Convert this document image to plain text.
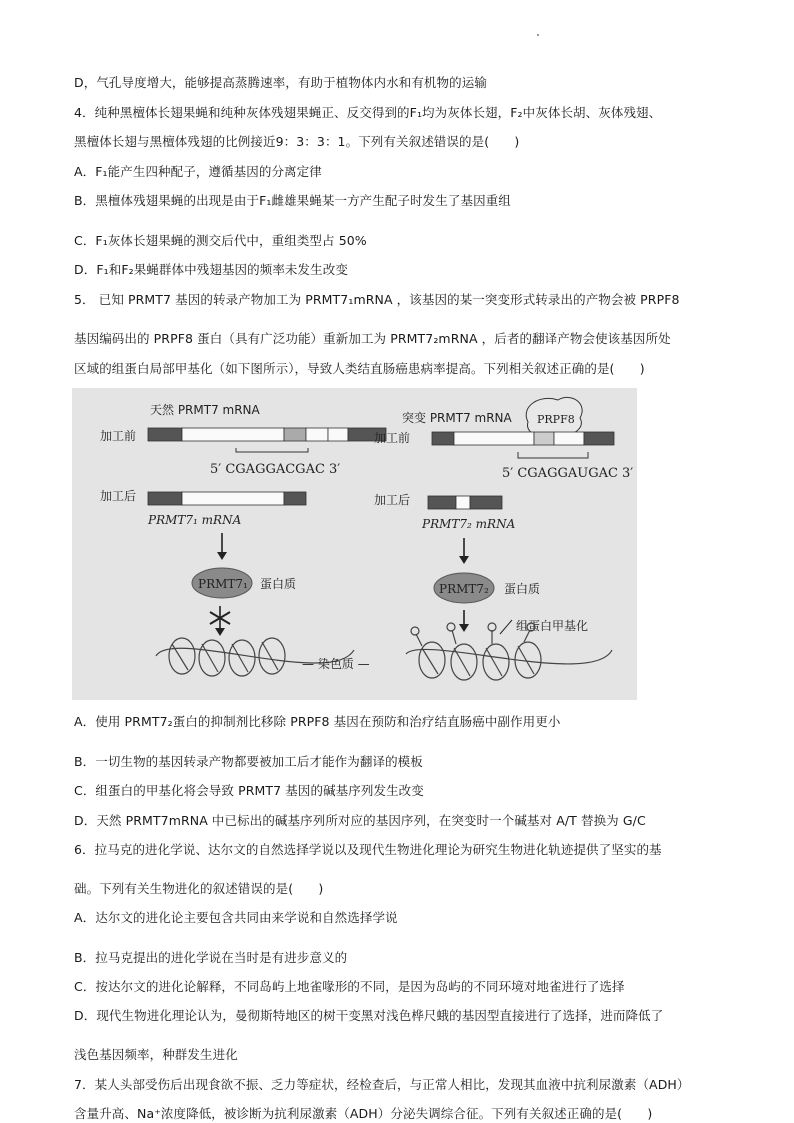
D，气孔导度增大，能够提高蒸腾速率，有助于植物体内水和有机物的运输
4．纯种黑檀体长翅果蝇和纯种灰体残翅果蝇正、反交得到的F₁均为灰体长翅，F₂中灰体长胡、灰体残翅、
黑檀体长翅与黑檀体残翅的比例接近9：3：3：1。下列有关叙述错误的是(　　)
A．F₁能产生四种配子，遵循基因的分离定律
B．黑檀体残翅果蝇的出现是由于F₁雌雄果蝇某一方产生配子时发生了基因重组
C．F₁灰体长翅果蝇的测交后代中，重组类型占 50%
D．F₁和F₂果蝇群体中残翅基因的频率未发生改变
5． 已知 PRMT7 基因的转录产物加工为 PRMT7₁mRNA ，该基因的某一突变形式转录出的产物会被 PRPF8
基因编码出的 PRPF8 蛋白（具有广泛功能）重新加工为 PRMT7₂mRNA ，后者的翻译产物会使该基因所处
区域的组蛋白局部甲基化（如下图所示），导致人类结直肠癌患病率提高。下列相关叙述正确的是(　　)
天然 PRMT7 mRNA
加工前
5′ CGAGGACGAC 3′
加工后
PRMT7₁ mRNA
PRMT7₁ 蛋白质
— 染色质 —
突变 PRMT7 mRNA PRPF8
加工前
5′ CGAGGAUGAC 3′
加工后
PRMT7₂ mRNA
PRMT7₂ 蛋白质
组蛋白甲基化
A．使用 PRMT7₂蛋白的抑制剂比移除 PRPF8 基因在预防和治疗结直肠癌中副作用更小
B．一切生物的基因转录产物都要被加工后才能作为翻译的模板
C．组蛋白的甲基化将会导致 PRMT7 基因的碱基序列发生改变
D．天然 PRMT7mRNA 中已标出的碱基序列所对应的基因序列，在突变时一个碱基对 A/T 替换为 G/C
6．拉马克的进化学说、达尔文的自然选择学说以及现代生物进化理论为研究生物进化轨迹提供了坚实的基
础。下列有关生物进化的叙述错误的是(　　)
A．达尔文的进化论主要包含共同由来学说和自然选择学说
B．拉马克提出的进化学说在当时是有进步意义的
C．按达尔文的进化论解释，不同岛屿上地雀喙形的不同，是因为岛屿的不同环境对地雀进行了选择
D．现代生物进化理论认为，曼彻斯特地区的树干变黑对浅色桦尺蛾的基因型直接进行了选择，进而降低了
浅色基因频率，种群发生进化
7．某人头部受伤后出现食欲不振、乏力等症状，经检查后，与正常人相比，发现其血液中抗利尿激素（ADH）
含量升高、Na⁺浓度降低，被诊断为抗利尿激素（ADH）分泌失调综合征。下列有关叙述正确的是(　　)
